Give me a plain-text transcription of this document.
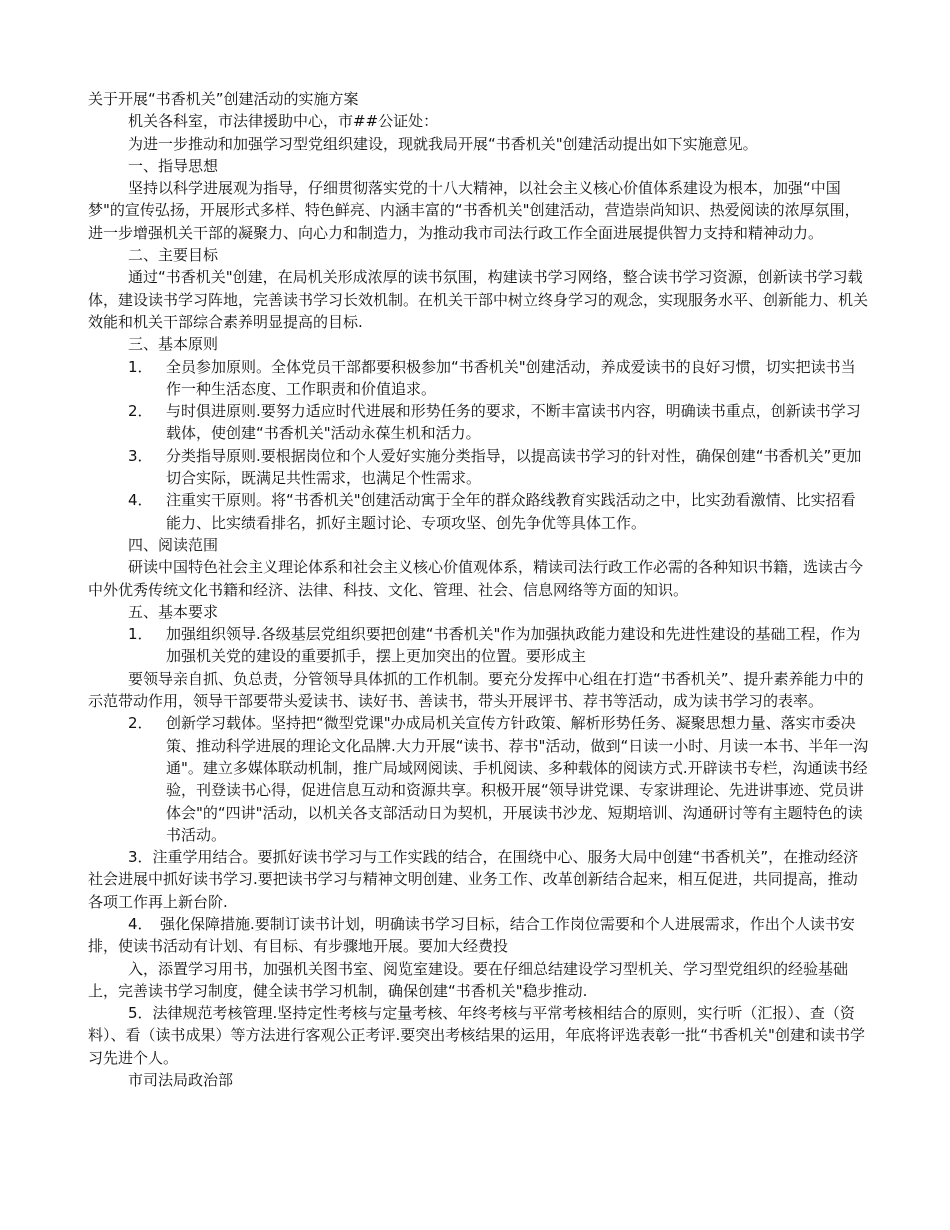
关于开展“书香机关”创建活动的实施方案

机关各科室，市法律援助中心，市##公证处：

为进一步推动和加强学习型党组织建设，现就我局开展“书香机关"创建活动提出如下实施意见。

一、指导思想

坚持以科学进展观为指导，仔细贯彻落实党的十八大精神，以社会主义核心价值体系建设为根本，加强“中国梦"的宣传弘扬，开展形式多样、特色鲜亮、内涵丰富的“书香机关"创建活动，营造崇尚知识、热爱阅读的浓厚氛围，进一步增强机关干部的凝聚力、向心力和制造力，为推动我市司法行政工作全面进展提供智力支持和精神动力。

二、主要目标

通过“书香机关"创建，在局机关形成浓厚的读书氛围，构建读书学习网络，整合读书学习资源，创新读书学习载体，建设读书学习阵地，完善读书学习长效机制。在机关干部中树立终身学习的观念，实现服务水平、创新能力、机关效能和机关干部综合素养明显提高的目标.

三、基本原则

1． 全员参加原则。全体党员干部都要积极参加“书香机关"创建活动，养成爱读书的良好习惯，切实把读书当作一种生活态度、工作职责和价值追求。
2． 与时俱进原则.要努力适应时代进展和形势任务的要求，不断丰富读书内容，明确读书重点，创新读书学习载体，使创建“书香机关"活动永葆生机和活力。
3． 分类指导原则.要根据岗位和个人爱好实施分类指导，以提高读书学习的针对性，确保创建“书香机关”更加切合实际，既满足共性需求，也满足个性需求。
4． 注重实干原则。将“书香机关"创建活动寓于全年的群众路线教育实践活动之中，比实劲看激情、比实招看能力、比实绩看排名，抓好主题讨论、专项攻坚、创先争优等具体工作。

四、阅读范围

研读中国特色社会主义理论体系和社会主义核心价值观体系，精读司法行政工作必需的各种知识书籍，选读古今中外优秀传统文化书籍和经济、法律、科技、文化、管理、社会、信息网络等方面的知识。

五、基本要求

1． 加强组织领导.各级基层党组织要把创建“书香机关"作为加强执政能力建设和先进性建设的基础工程，作为加强机关党的建设的重要抓手，摆上更加突出的位置。要形成主

要领导亲自抓、负总责，分管领导具体抓的工作机制。要充分发挥中心组在打造“书香机关”、提升素养能力中的示范带动作用，领导干部要带头爱读书、读好书、善读书，带头开展评书、荐书等活动，成为读书学习的表率。

2． 创新学习载体。坚持把“微型党课"办成局机关宣传方针政策、解析形势任务、凝聚思想力量、落实市委决策、推动科学进展的理论文化品牌.大力开展“读书、荐书"活动，做到“日读一小时、月读一本书、半年一沟通"。建立多媒体联动机制，推广局域网阅读、手机阅读、多种载体的阅读方式.开辟读书专栏，沟通读书经验，刊登读书心得，促进信息互动和资源共享。积极开展“领导讲党课、专家讲理论、先进讲事迹、党员讲体会"的“四讲"活动，以机关各支部活动日为契机，开展读书沙龙、短期培训、沟通研讨等有主题特色的读书活动。

3．注重学用结合。要抓好读书学习与工作实践的结合，在围绕中心、服务大局中创建“书香机关”，在推动经济社会进展中抓好读书学习.要把读书学习与精神文明创建、业务工作、改革创新结合起来，相互促进，共同提高，推动各项工作再上新台阶.

4．　强化保障措施.要制订读书计划，明确读书学习目标，结合工作岗位需要和个人进展需求，作出个人读书安排，使读书活动有计划、有目标、有步骤地开展。要加大经费投

入，添置学习用书，加强机关图书室、阅览室建设。要在仔细总结建设学习型机关、学习型党组织的经验基础上，完善读书学习制度，健全读书学习机制，确保创建“书香机关"稳步推动.

5．法律规范考核管理.坚持定性考核与定量考核、年终考核与平常考核相结合的原则，实行听（汇报）、查（资料）、看（读书成果）等方法进行客观公正考评.要突出考核结果的运用，年底将评选表彰一批“书香机关"创建和读书学习先进个人。

市司法局政治部
